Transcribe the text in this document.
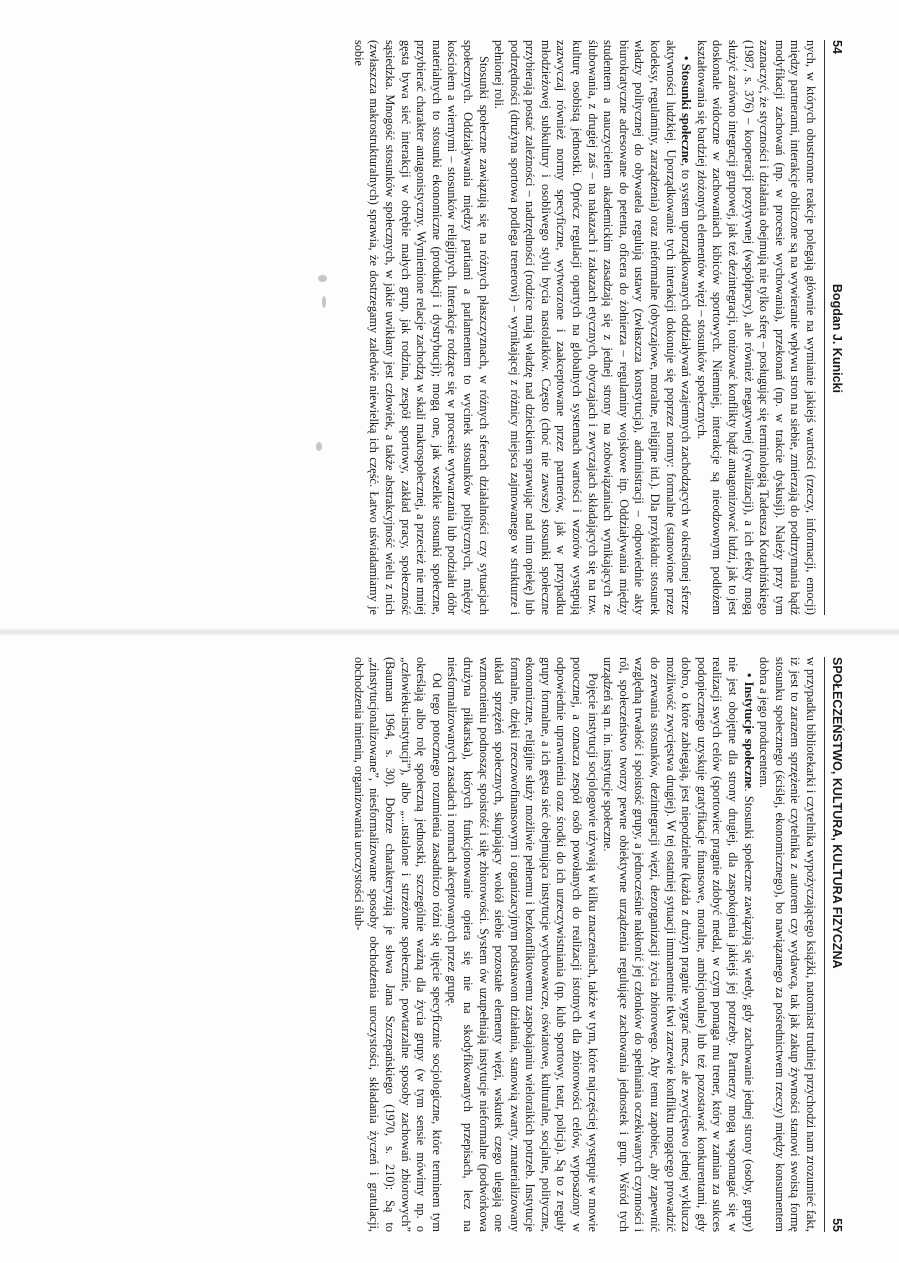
54
Bogdan J. Kunicki

nych, w których obustronne reakcje polegają głównie na wymianie jakiejś wartości (rzeczy, informacji, emocji) między partnerami, interakcje obliczone są na wywieranie wpływu stron na siebie, zmierzają do podtrzymania bądź modyfikacji zachowań (np. w procesie wychowania), przekonań (np. w trakcie dyskusji). Należy przy tym zaznaczyć, że styczności i działania obejmują nie tylko sferę – posługując się terminologią Tadeusza Kotarbińskiego (1987, s. 376) – kooperacji pozytywnej (współpracy), ale również negatywnej (rywalizacji), a ich efekty mogą służyć zarówno integracji grupowej, jak też dezintegracji, tonizować konflikty bądź antagonizować ludzi, jak to jest doskonale widoczne w zachowaniach kibiców sportowych. Niemniej, interakcje są nieodzownym podłożem kształtowania się bardziej złożonych elementów więzi – stosunków społecznych.

• Stosunki społeczne, to system uporządkowanych oddziaływań wzajemnych zachodzących w określonej sferze aktywności ludzkiej. Uporządkowanie tych interakcji dokonuje się poprzez normy: formalne (stanowione przez kodeksy, regulaminy, zarządzenia) oraz nieformalne (obyczajowe, moralne, religijne itd.). Dla przykładu: stosunek władzy politycznej do obywatela regulują ustawy (zwłaszcza konstytucja), administracji – odpowiednie akty biurokratyczne adresowane do petenta, oficera do żołnierza – regulaminy wojskowe itp. Oddziaływania między studentem a nauczycielem akademickim zasadzają się z jednej strony na zobowiązaniach wynikających ze ślubowania, z drugiej zaś – na nakazach i zakazach etycznych, obyczajach i zwyczajach składających się na tzw. kulturę osobistą jednostki. Oprócz regulacji opartych na globalnych systemach wartości i wzorów występują zazwyczaj również normy specyficzne, wytworzone i zaakceptowane przez partnerów, jak w przypadku młodzieżowej subkultury i osobliwego stylu bycia nastolatków. Często (choć nie zawsze) stosunki społeczne przybierają postać zależności – nadrzędności (rodzice mają władzę nad dzieckiem sprawując nad nim opiekę) lub podrzędności (drużyna sportowa podlega trenerowi) – wynikającej z różnicy miejsca zajmowanego w strukturze i pełnionej roli.

Stosunki społeczne zawiązują się na różnych płaszczyznach, w różnych sferach działalności czy sytuacjach społecznych. Oddziaływania między partiami a parlamentem to wycinek stosunków politycznych, między kościołem a wiernymi – stosunków religijnych. Interakcje rodzące się w procesie wytwarzania lub podziału dóbr materialnych to stosunki ekonomiczne (produkcji i dystrybucji); mogą one, jak wszelkie stosunki społeczne, przybierać charakter antagonistyczny. Wymienione relacje zachodzą w skali makrospołecznej, a przecież nie mniej gęsta bywa sieć interakcji w obrębie małych grup, jak rodzina, zespół sportowy, zakład pracy, społeczność sąsiedzka. Mnogość stosunków społecznych, w jakie uwikłany jest człowiek, a także abstrakcyjność wielu z nich (zwłaszcza makrostrukturalnych) sprawia, że dostrzegamy zaledwie niewielką ich część. Łatwo uświadamiamy je sobie

SPOŁECZEŃSTWO, KULTURA, KULTURA FIZYCZNA
55

w przypadku bibliotekarki i czytelnika wypożyczającego książki, natomiast trudniej przychodzi nam zrozumieć fakt, iż jest to zarazem sprzężenie czytelnika z autorem czy wydawcą, tak jak zakup żywności stanowi swoistą formę stosunku społecznego (ściślej, ekonomicznego), bo nawiązanego za pośrednictwem rzeczy) między konsumentem dobra a jego producentem.

• Instytucje społeczne. Stosunki społeczne zawiązują się wtedy, gdy zachowanie jednej strony (osoby, grupy) nie jest obojętne dla strony drugiej, dla zaspokojenia jakiejś jej potrzeby. Partnerzy mogą wspomagać się w realizacji swych celów (sportowiec pragnie zdobyć medal, w czym pomaga mu trener, który w zamian za sukces podopiecznego uzyskuje gratyfikacje finansowe, moralne, ambicjonalne) lub też pozostawać konkurentami, gdy dobro, o które zabiegają, jest niepodzielne (każda z drużyn pragnie wygrać mecz, ale zwycięstwo jednej wyklucza możliwość zwycięstwa drugiej). W tej ostatniej sytuacji immanentnie tkwi zarzewie konfliktu mogącego prowadzić do zerwania stosunków, dezintegracji więzi, dezorganizacji życia zbiorowego. Aby temu zapobiec, aby zapewnić względną trwałość i spoistość grupy, a jednocześnie nakłonić jej członków do spełniania oczekiwanych czynności i ról, społeczeństwo tworzy pewne obiektywne urządzenia regulujące zachowania jednostek i grup. Wśród tych urządzeń są m. in. instytucje społeczne.

Pojęcie instytucji socjologowie używają w kilku znaczeniach, także w tym, które najczęściej występuje w mowie potocznej, a oznacza zespół osób powołanych do realizacji istotnych dla zbiorowości celów, wyposażony w odpowiednie uprawnienia oraz środki do ich urzeczywistniania (np. klub sportowy, teatr, policja). Są to z reguły grupy formalne, a ich gęsta sieć obejmująca instytucje wychowawcze, oświatowe, kulturalne, socjalne, polityczne, ekonomiczne, religijne służy możliwie pełnemu i bezkonfliktowemu zaspokajaniu wieloraikich potrzeb. Instytucje formalne, dzięki rzeczowofinansowym i organizacyjnym podstawom działania, stanowią zwarty, zmaterializowany układ sprzężeń społecznych, skupiający wokół siebie pozostałe elementy więzi, wskutek czego ulegają one wzmocnieniu podnosząc spoistość i siłę zbiorowości. System ów uzupełniają instytucje nieformalne (podwórkowa drużyna piłkarska), których funkcjonowanie opiera się nie na skodyfikowanych przepisach, lecz na niesformalizowanych zasadach i normach akceptowanych przez grupę.

Od tego potocznego rozumienia zasadniczo różni się ujęcie specyficznie socjologiczne, które terminem tym określają albo rolę społeczną jednostki, szczególnie ważną dla życia grupy (w tym sensie mówimy np. o „człowieku-instytucji”), albo „...ustalone i strzeżone społecznie, powtarzalne sposoby zachowań zbiorowych” (Bauman 1964, s. 30). Dobrze charakteryzują je słowa Jana Szczepańskiego (1970, s. 210): Są to „zinstytucjonalizowane”, niesformalizowane sposoby obchodzenia uroczystości, składania życzeń i gratulacji, obchodzenia imienin, organizowania uroczystości ślub-
